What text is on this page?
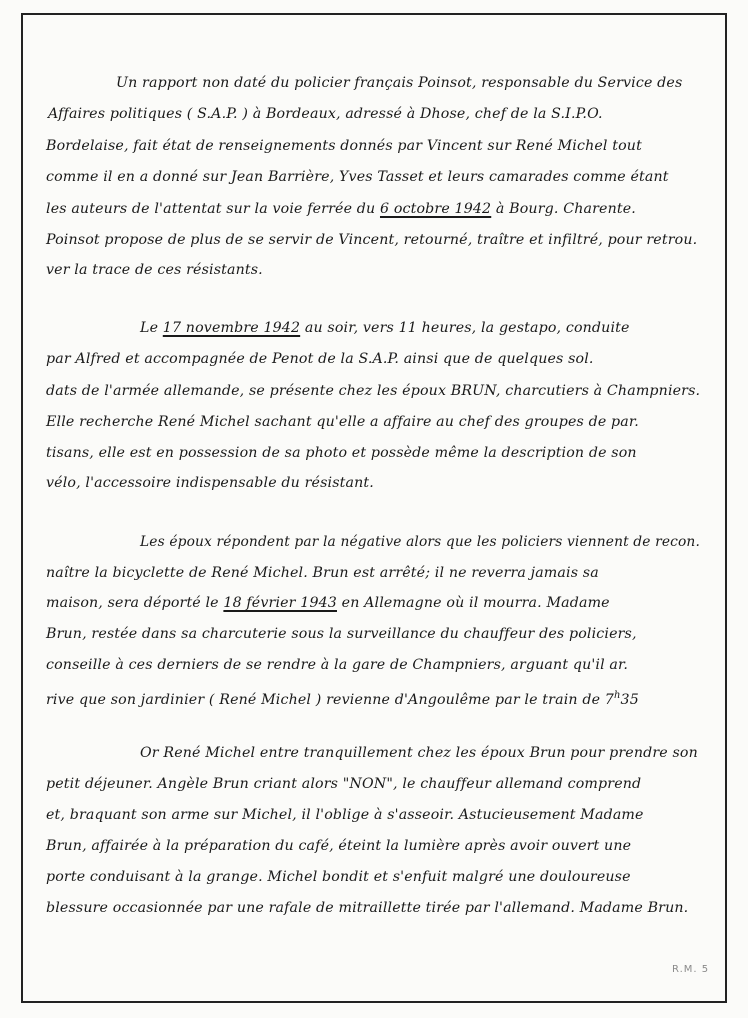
Un rapport non daté du policier français Poinsot, responsable du Service des
Affaires politiques ( S.A.P. ) à Bordeaux, adressé à Dhose, chef de la S.I.P.O.
Bordelaise, fait état de renseignements donnés par Vincent sur René Michel tout
comme il en a donné sur Jean Barrière, Yves Tasset et leurs camarades comme étant
les auteurs de l'attentat sur la voie ferrée du 6 octobre 1942 à Bourg. Charente.
Poinsot propose de plus de se servir de Vincent, retourné, traître et infiltré, pour retrou.
ver la trace de ces résistants.
Le 17 novembre 1942 au soir, vers 11 heures, la gestapo, conduite
par Alfred et accompagnée de Penot de la S.A.P. ainsi que de quelques sol.
dats de l'armée allemande, se présente chez les époux BRUN, charcutiers à Champniers.
Elle recherche René Michel sachant qu'elle a affaire au chef des groupes de par.
tisans, elle est en possession de sa photo et possède même la description de son
vélo, l'accessoire indispensable du résistant.
Les époux répondent par la négative alors que les policiers viennent de recon.
naître la bicyclette de René Michel. Brun est arrêté; il ne reverra jamais sa
maison, sera déporté le 18 février 1943 en Allemagne où il mourra. Madame
Brun, restée dans sa charcuterie sous la surveillance du chauffeur des policiers,
conseille à ces derniers de se rendre à la gare de Champniers, arguant qu'il ar.
rive que son jardinier ( René Michel ) revienne d'Angoulême par le train de 7$^h$35
Or René Michel entre tranquillement chez les époux Brun pour prendre son
petit déjeuner. Angèle Brun criant alors "NON", le chauffeur allemand comprend
et, braquant son arme sur Michel, il l'oblige à s'asseoir. Astucieusement Madame
Brun, affairée à la préparation du café, éteint la lumière après avoir ouvert une
porte conduisant à la grange. Michel bondit et s'enfuit malgré une douloureuse
blessure occasionnée par une rafale de mitraillette tirée par l'allemand. Madame Brun.
R.M. 5
